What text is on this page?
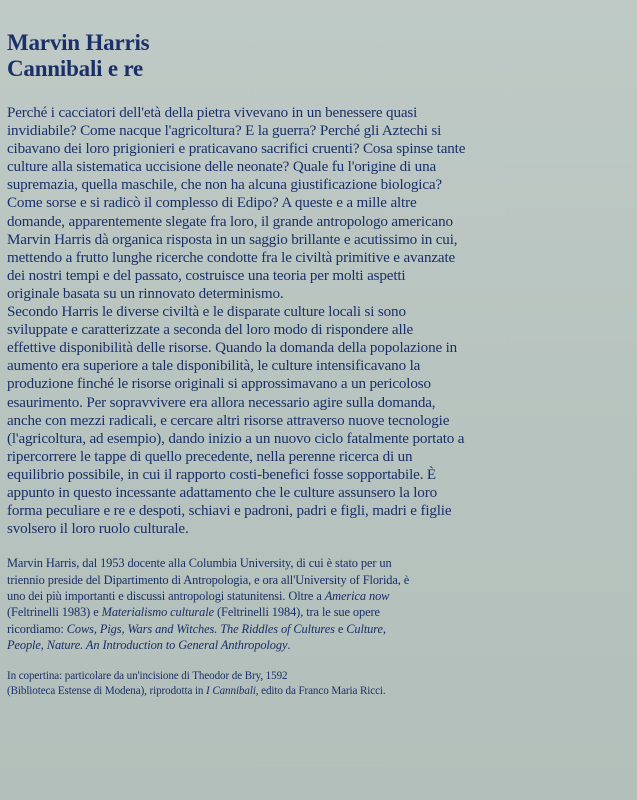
Marvin Harris
Cannibali e re

Perché i cacciatori dell'età della pietra vivevano in un benessere quasi
invidiabile? Come nacque l'agricoltura? E la guerra? Perché gli Aztechi si
cibavano dei loro prigionieri e praticavano sacrifici cruenti? Cosa spinse tante
culture alla sistematica uccisione delle neonate? Quale fu l'origine di una
supremazia, quella maschile, che non ha alcuna giustificazione biologica?
Come sorse e si radicò il complesso di Edipo? A queste e a mille altre
domande, apparentemente slegate fra loro, il grande antropologo americano
Marvin Harris dà organica risposta in un saggio brillante e acutissimo in cui,
mettendo a frutto lunghe ricerche condotte fra le civiltà primitive e avanzate
dei nostri tempi e del passato, costruisce una teoria per molti aspetti
originale basata su un rinnovato determinismo.

Secondo Harris le diverse civiltà e le disparate culture locali si sono
sviluppate e caratterizzate a seconda del loro modo di rispondere alle
effettive disponibilità delle risorse. Quando la domanda della popolazione in
aumento era superiore a tale disponibilità, le culture intensificavano la
produzione finché le risorse originali si approssimavano a un pericoloso
esaurimento. Per sopravvivere era allora necessario agire sulla domanda,
anche con mezzi radicali, e cercare altri risorse attraverso nuove tecnologie
(l'agricoltura, ad esempio), dando inizio a un nuovo ciclo fatalmente portato a
ripercorrere le tappe di quello precedente, nella perenne ricerca di un
equilibrio possibile, in cui il rapporto costi-benefici fosse sopportabile. È
appunto in questo incessante adattamento che le culture assunsero la loro
forma peculiare e re e despoti, schiavi e padroni, padri e figli, madri e figlie
svolsero il loro ruolo culturale.

Marvin Harris, dal 1953 docente alla Columbia University, di cui è stato per un
triennio preside del Dipartimento di Antropologia, e ora all'University of Florida, è
uno dei più importanti e discussi antropologi statunitensi. Oltre a America now
(Feltrinelli 1983) e Materialismo culturale (Feltrinelli 1984), tra le sue opere
ricordiamo: Cows, Pigs, Wars and Witches. The Riddles of Cultures e Culture,
People, Nature. An Introduction to General Anthropology.
In copertina: particolare da un'incisione di Theodor de Bry, 1592
(Biblioteca Estense di Modena), riprodotta in I Cannibali, edito da Franco Maria Ricci.
